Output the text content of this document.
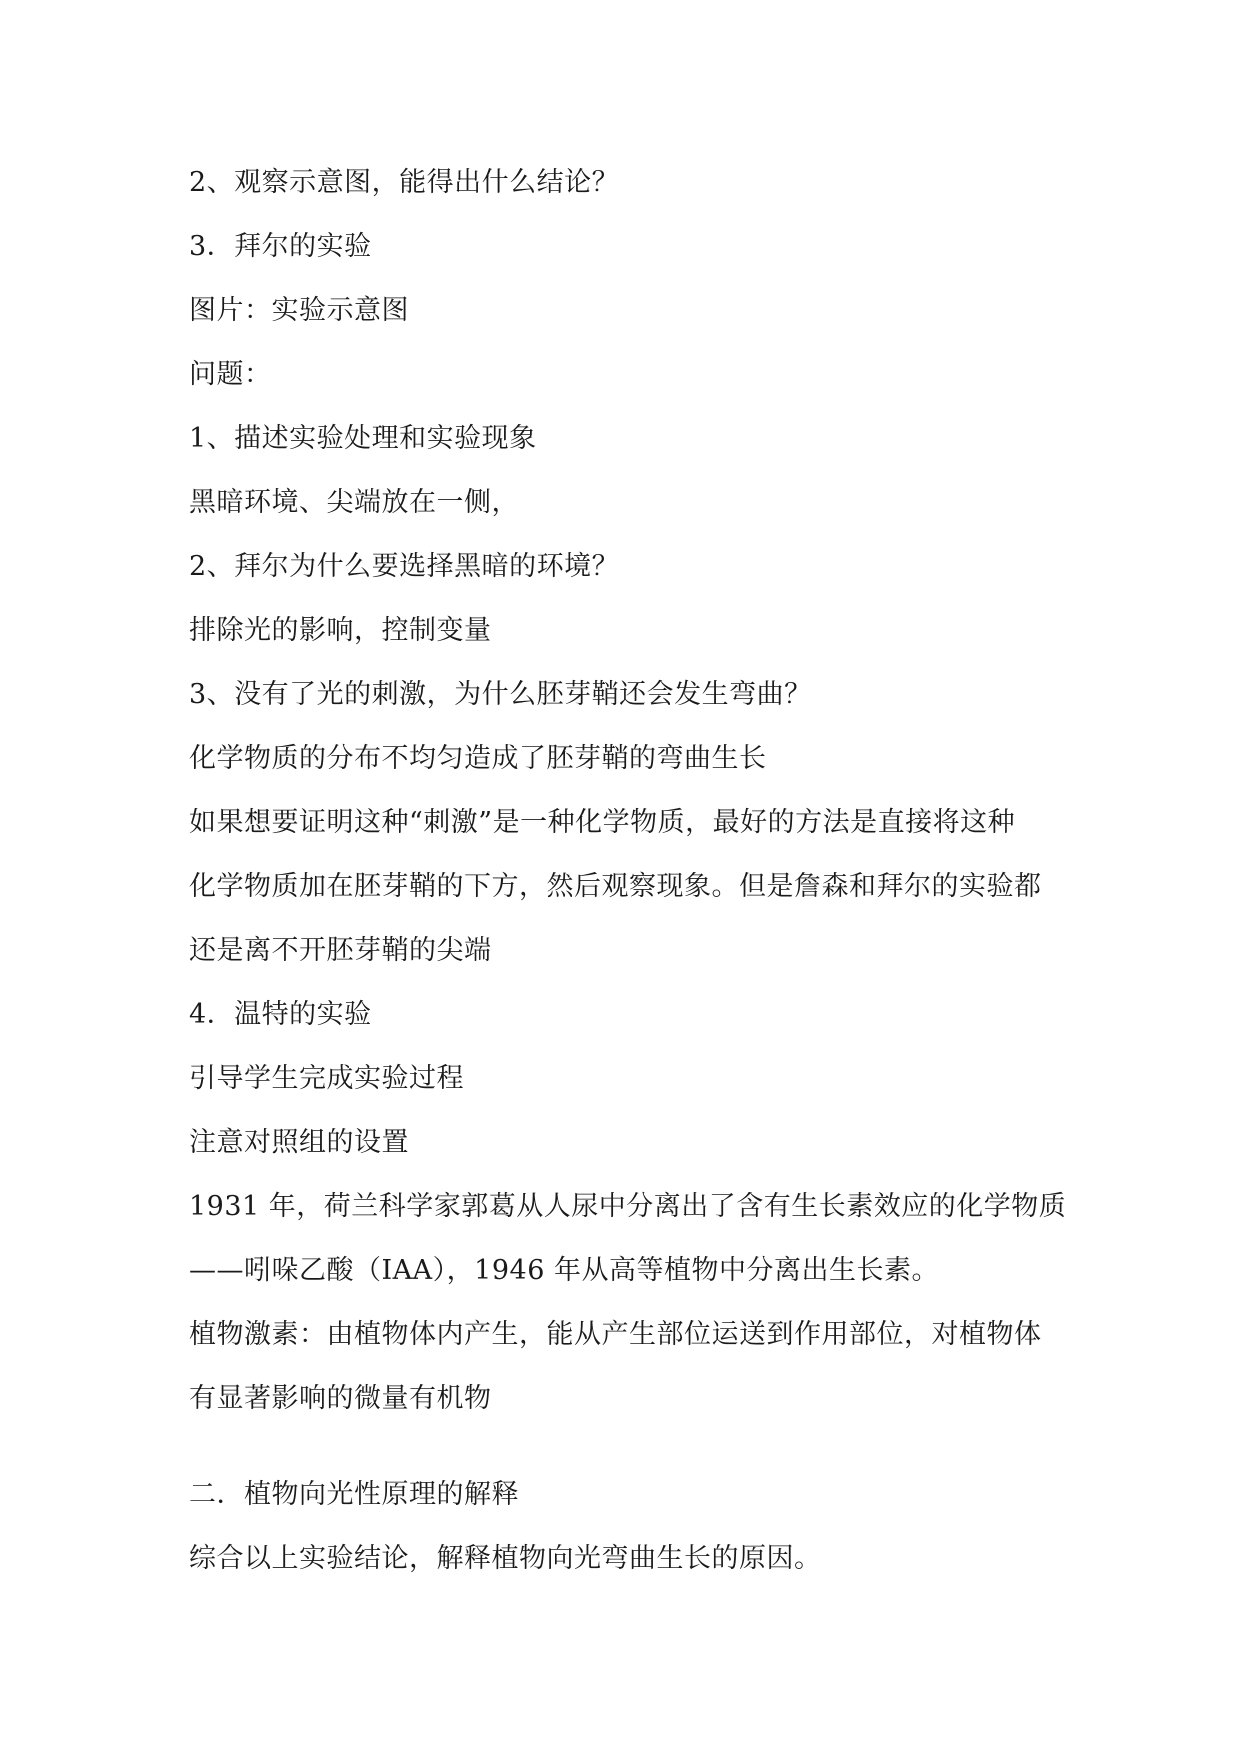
2、观察示意图，能得出什么结论？

3．拜尔的实验

图片：实验示意图

问题：

1、描述实验处理和实验现象

黑暗环境、尖端放在一侧，

2、拜尔为什么要选择黑暗的环境？

排除光的影响，控制变量

3、没有了光的刺激，为什么胚芽鞘还会发生弯曲？

化学物质的分布不均匀造成了胚芽鞘的弯曲生长

如果想要证明这种“刺激”是一种化学物质，最好的方法是直接将这种

化学物质加在胚芽鞘的下方，然后观察现象。但是詹森和拜尔的实验都

还是离不开胚芽鞘的尖端

4．温特的实验

引导学生完成实验过程

注意对照组的设置

1931 年，荷兰科学家郭葛从人尿中分离出了含有生长素效应的化学物质

——吲哚乙酸（IAA），1946 年从高等植物中分离出生长素。

植物激素：由植物体内产生，能从产生部位运送到作用部位，对植物体

有显著影响的微量有机物

二．植物向光性原理的解释

综合以上实验结论，解释植物向光弯曲生长的原因。
